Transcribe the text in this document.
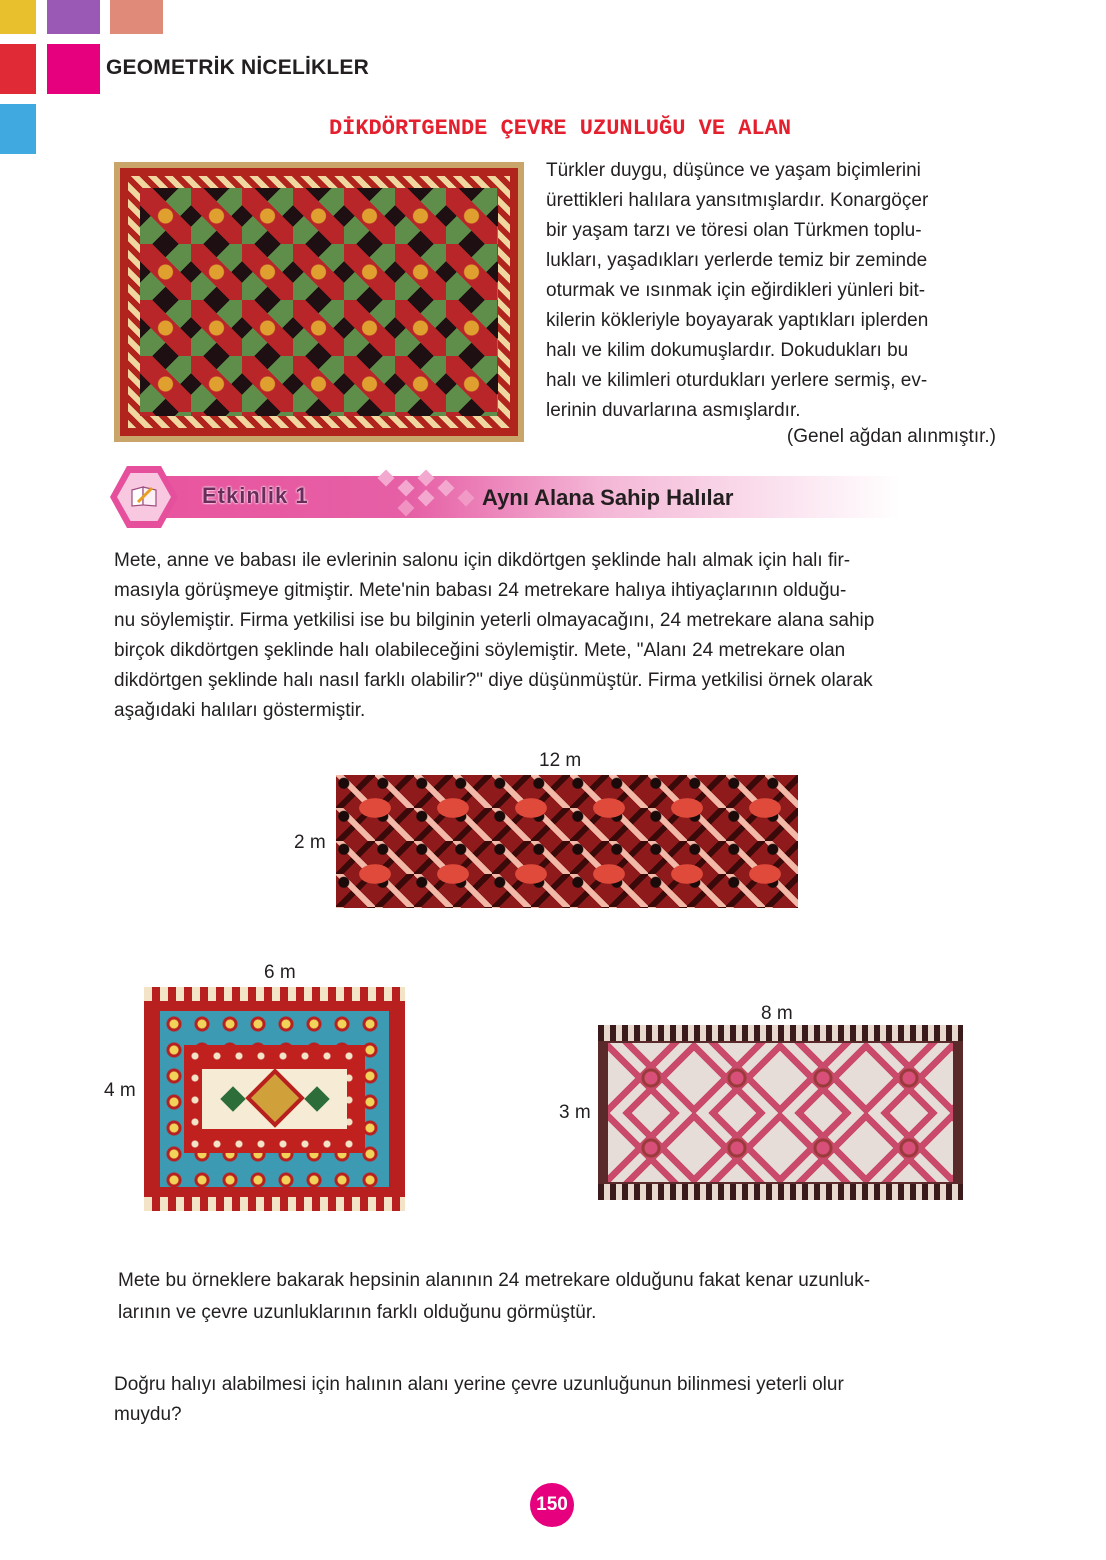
GEOMETRİK NİCELİKLER
DİKDÖRTGENDE ÇEVRE UZUNLUĞU VE ALAN

Türkler duygu, düşünce ve yaşam biçimlerini

ürettikleri halılara yansıtmışlardır. Konargöçer

bir yaşam tarzı ve töresi olan Türkmen toplu-

lukları, yaşadıkları yerlerde temiz bir zeminde

oturmak ve ısınmak için eğirdikleri yünleri bit-

kilerin kökleriyle boyayarak yaptıkları iplerden

halı ve kilim dokumuşlardır. Dokudukları bu

halı ve kilimleri oturdukları yerlere sermiş, ev-

lerinin duvarlarına asmışlardır.

(Genel ağdan alınmıştır.)
Etkinlik 1	Aynı Alana Sahip Halılar

Mete, anne ve babası ile evlerinin salonu için dikdörtgen şeklinde halı almak için halı fir-

masıyla görüşmeye gitmiştir. Mete'nin babası 24 metrekare halıya ihtiyaçlarının olduğu-

nu söylemiştir. Firma yetkilisi ise bu bilginin yeterli olmayacağını, 24 metrekare alana sahip

birçok dikdörtgen şeklinde halı olabileceğini söylemiştir. Mete, "Alanı 24 metrekare olan

dikdörtgen şeklinde halı nasıl farklı olabilir?" diye düşünmüştür. Firma yetkilisi örnek olarak

aşağıdaki halıları göstermiştir.

12 m
2 m
6 m
4 m
8 m
3 m

Mete bu örneklere bakarak hepsinin alanının 24 metrekare olduğunu fakat kenar uzunluk-

larının ve çevre uzunluklarının farklı olduğunu görmüştür.

Doğru halıyı alabilmesi için halının alanı yerine çevre uzunluğunun bilinmesi yeterli olur

muydu?

150
